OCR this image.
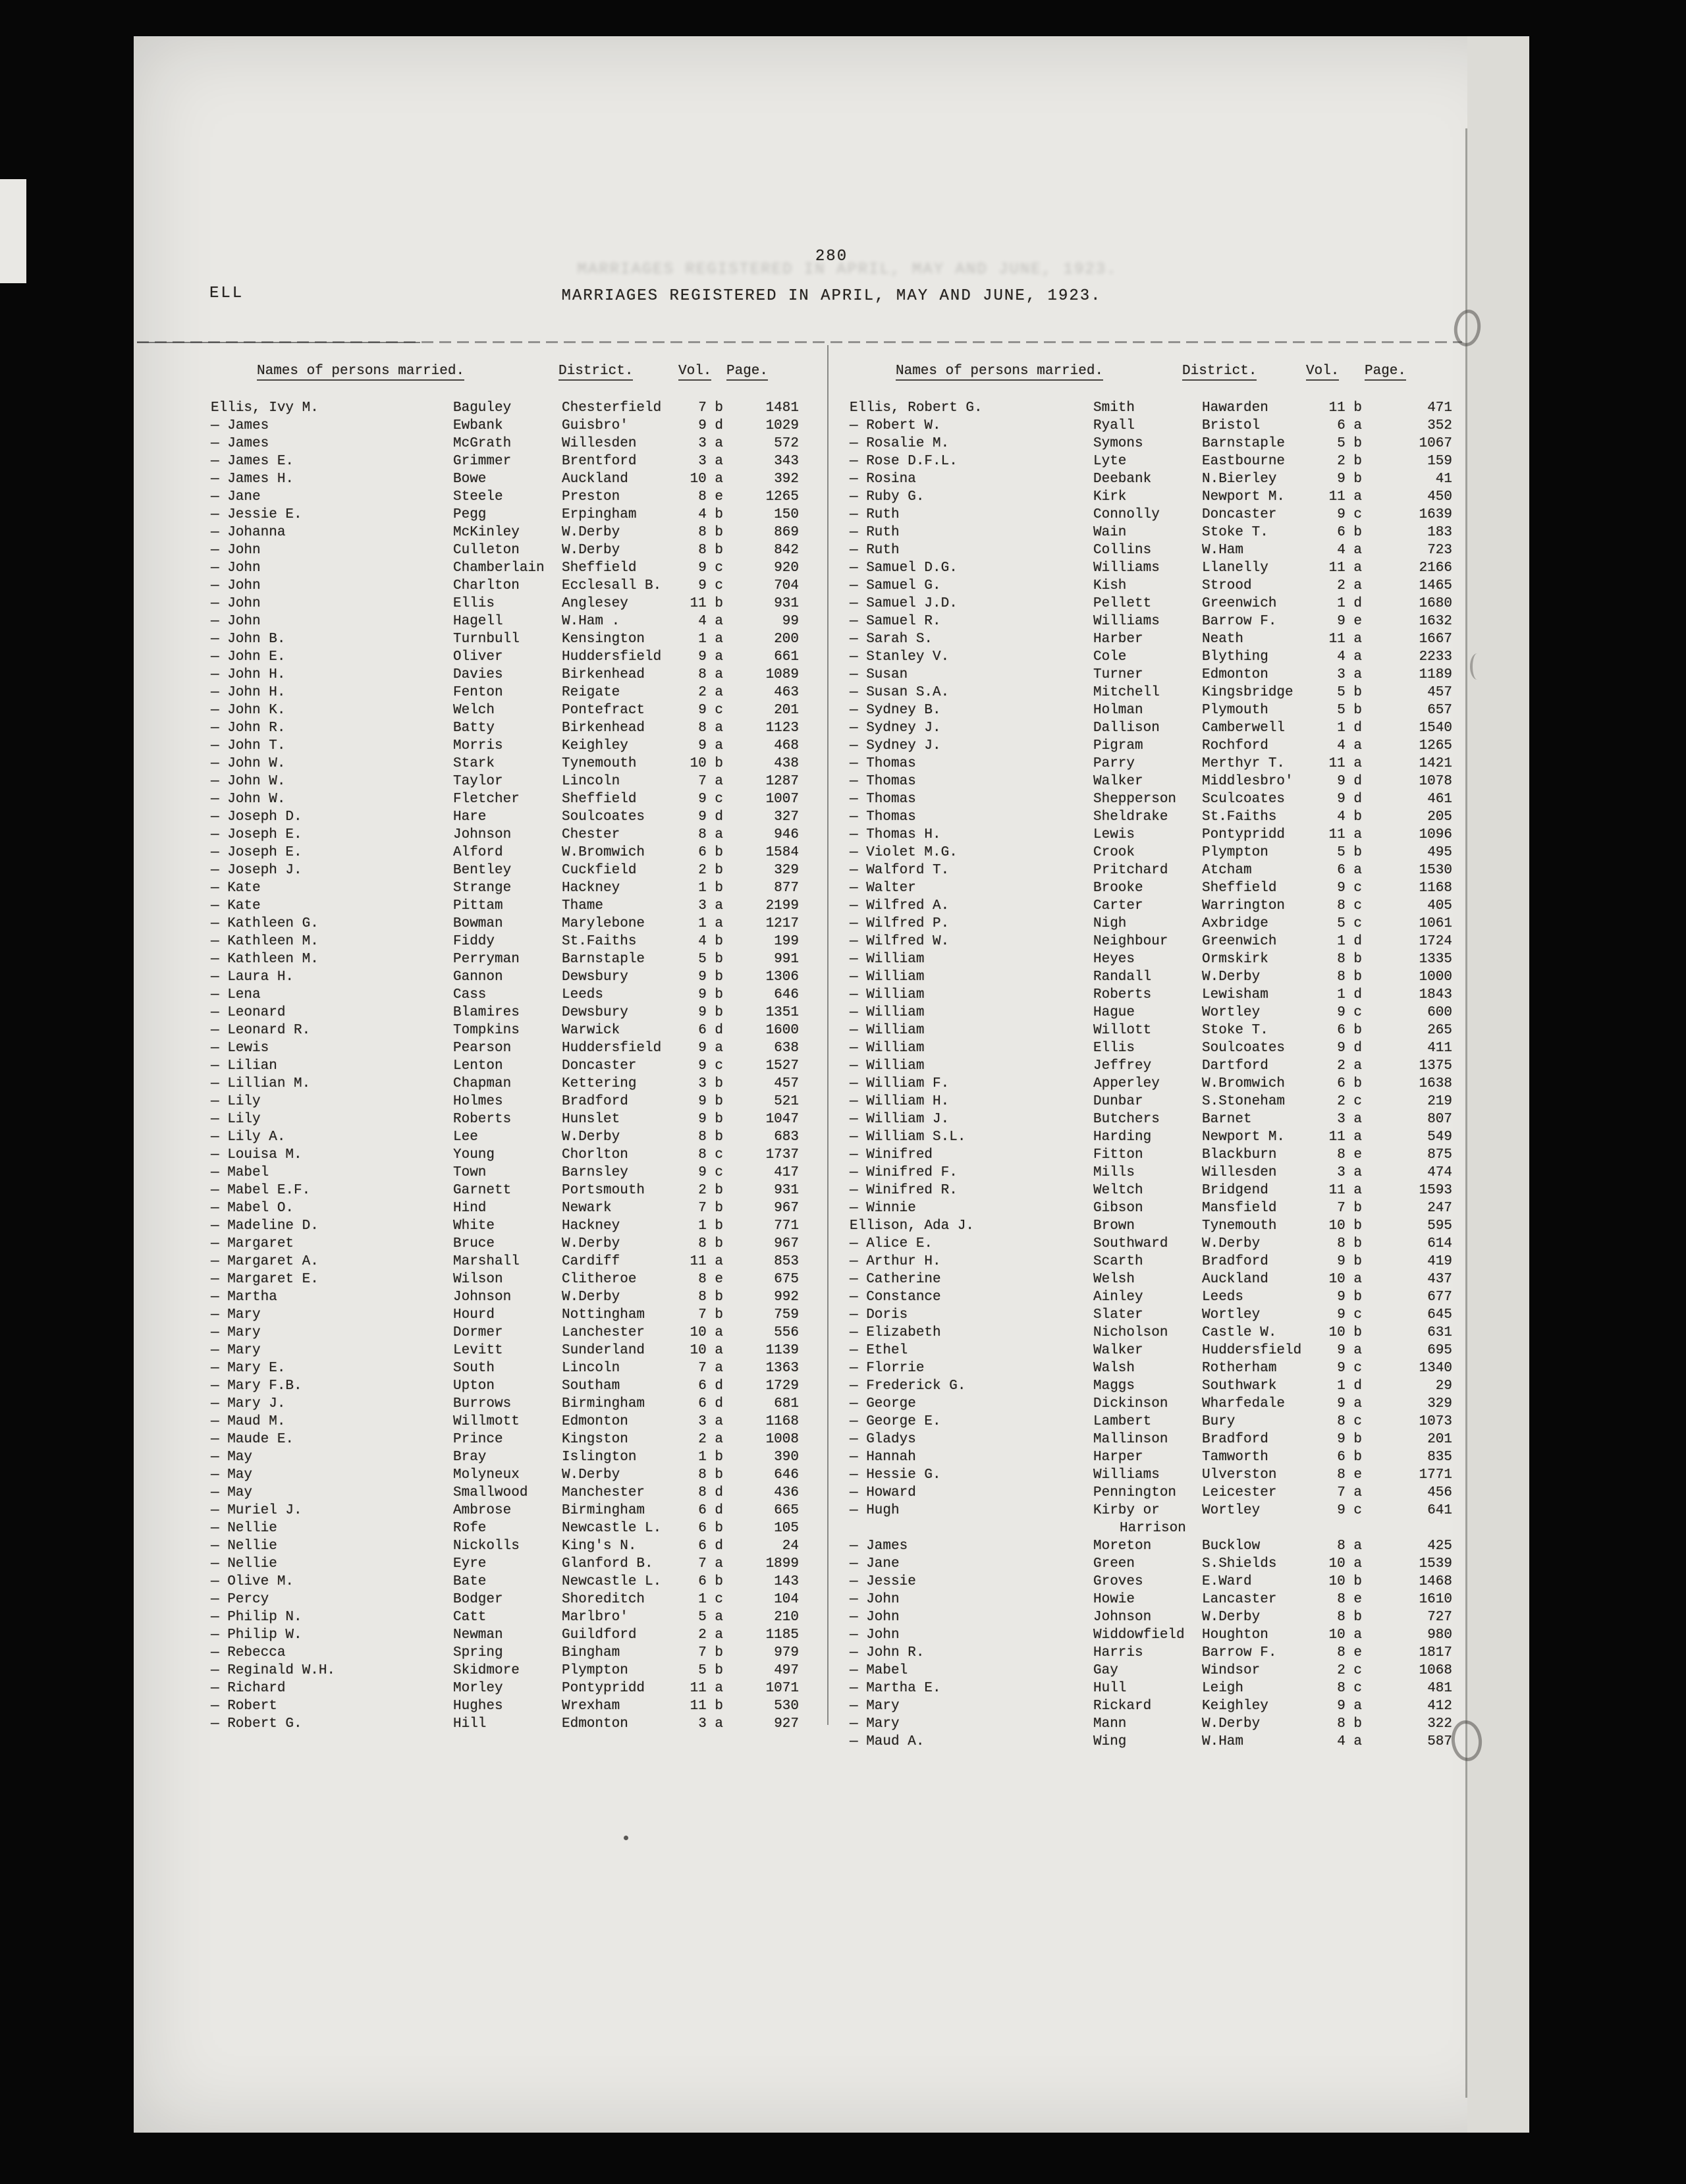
MARRIAGES REGISTERED IN APRIL, MAY AND JUNE, 1923.
280
ELL	MARRIAGES REGISTERED IN APRIL, MAY AND JUNE, 1923.
Names of persons married.	District.	Vol. Page.	Names of persons married.	District.	Vol. Page.
Ellis, Ivy M.	Baguley	Chesterfield	7 b	1481
— James	Ewbank	Guisbro'	9 d	1029
— James	McGrath	Willesden	3 a	572
— James E.	Grimmer	Brentford	3 a	343
— James H.	Bowe	Auckland	10 a	392
— Jane	Steele	Preston	8 e	1265
— Jessie E.	Pegg	Erpingham	4 b	150
— Johanna	McKinley	W.Derby	8 b	869
— John	Culleton	W.Derby	8 b	842
— John	Chamberlain	Sheffield	9 c	920
— John	Charlton	Ecclesall B.	9 c	704
— John	Ellis	Anglesey	11 b	931
— John	Hagell	W.Ham .	4 a	99
— John B.	Turnbull	Kensington	1 a	200
— John E.	Oliver	Huddersfield	9 a	661
— John H.	Davies	Birkenhead	8 a	1089
— John H.	Fenton	Reigate	2 a	463
— John K.	Welch	Pontefract	9 c	201
— John R.	Batty	Birkenhead	8 a	1123
— John T.	Morris	Keighley	9 a	468
— John W.	Stark	Tynemouth	10 b	438
— John W.	Taylor	Lincoln	7 a	1287
— John W.	Fletcher	Sheffield	9 c	1007
— Joseph D.	Hare	Soulcoates	9 d	327
— Joseph E.	Johnson	Chester	8 a	946
— Joseph E.	Alford	W.Bromwich	6 b	1584
— Joseph J.	Bentley	Cuckfield	2 b	329
— Kate	Strange	Hackney	1 b	877
— Kate	Pittam	Thame	3 a	2199
— Kathleen G.	Bowman	Marylebone	1 a	1217
— Kathleen M.	Fiddy	St.Faiths	4 b	199
— Kathleen M.	Perryman	Barnstaple	5 b	991
— Laura H.	Gannon	Dewsbury	9 b	1306
— Lena	Cass	Leeds	9 b	646
— Leonard	Blamires	Dewsbury	9 b	1351
— Leonard R.	Tompkins	Warwick	6 d	1600
— Lewis	Pearson	Huddersfield	9 a	638
— Lilian	Lenton	Doncaster	9 c	1527
— Lillian M.	Chapman	Kettering	3 b	457
— Lily	Holmes	Bradford	9 b	521
— Lily	Roberts	Hunslet	9 b	1047
— Lily A.	Lee	W.Derby	8 b	683
— Louisa M.	Young	Chorlton	8 c	1737
— Mabel	Town	Barnsley	9 c	417
— Mabel E.F.	Garnett	Portsmouth	2 b	931
— Mabel O.	Hind	Newark	7 b	967
— Madeline D.	White	Hackney	1 b	771
— Margaret	Bruce	W.Derby	8 b	967
— Margaret A.	Marshall	Cardiff	11 a	853
— Margaret E.	Wilson	Clitheroe	8 e	675
— Martha	Johnson	W.Derby	8 b	992
— Mary	Hourd	Nottingham	7 b	759
— Mary	Dormer	Lanchester	10 a	556
— Mary	Levitt	Sunderland	10 a	1139
— Mary E.	South	Lincoln	7 a	1363
— Mary F.B.	Upton	Southam	6 d	1729
— Mary J.	Burrows	Birmingham	6 d	681
— Maud M.	Willmott	Edmonton	3 a	1168
— Maude E.	Prince	Kingston	2 a	1008
— May	Bray	Islington	1 b	390
— May	Molyneux	W.Derby	8 b	646
— May	Smallwood	Manchester	8 d	436
— Muriel J.	Ambrose	Birmingham	6 d	665
— Nellie	Rofe	Newcastle L.	6 b	105
— Nellie	Nickolls	King's N.	6 d	24
— Nellie	Eyre	Glanford B.	7 a	1899
— Olive M.	Bate	Newcastle L.	6 b	143
— Percy	Bodger	Shoreditch	1 c	104
— Philip N.	Catt	Marlbro'	5 a	210
— Philip W.	Newman	Guildford	2 a	1185
— Rebecca	Spring	Bingham	7 b	979
— Reginald W.H.	Skidmore	Plympton	5 b	497
— Richard	Morley	Pontypridd	11 a	1071
— Robert	Hughes	Wrexham	11 b	530
— Robert G.	Hill	Edmonton	3 a	927
Ellis, Robert G.	Smith	Hawarden	11 b	471
— Robert W.	Ryall	Bristol	6 a	352
— Rosalie M.	Symons	Barnstaple	5 b	1067
— Rose D.F.L.	Lyte	Eastbourne	2 b	159
— Rosina	Deebank	N.Bierley	9 b	41
— Ruby G.	Kirk	Newport M.	11 a	450
— Ruth	Connolly	Doncaster	9 c	1639
— Ruth	Wain	Stoke T.	6 b	183
— Ruth	Collins	W.Ham	4 a	723
— Samuel D.G.	Williams	Llanelly	11 a	2166
— Samuel G.	Kish	Strood	2 a	1465
— Samuel J.D.	Pellett	Greenwich	1 d	1680
— Samuel R.	Williams	Barrow F.	9 e	1632
— Sarah S.	Harber	Neath	11 a	1667
— Stanley V.	Cole	Blything	4 a	2233
— Susan	Turner	Edmonton	3 a	1189
— Susan S.A.	Mitchell	Kingsbridge	5 b	457
— Sydney B.	Holman	Plymouth	5 b	657
— Sydney J.	Dallison	Camberwell	1 d	1540
— Sydney J.	Pigram	Rochford	4 a	1265
— Thomas	Parry	Merthyr T.	11 a	1421
— Thomas	Walker	Middlesbro'	9 d	1078
— Thomas	Shepperson	Sculcoates	9 d	461
— Thomas	Sheldrake	St.Faiths	4 b	205
— Thomas H.	Lewis	Pontypridd	11 a	1096
— Violet M.G.	Crook	Plympton	5 b	495
— Walford T.	Pritchard	Atcham	6 a	1530
— Walter	Brooke	Sheffield	9 c	1168
— Wilfred A.	Carter	Warrington	8 c	405
— Wilfred P.	Nigh	Axbridge	5 c	1061
— Wilfred W.	Neighbour	Greenwich	1 d	1724
— William	Heyes	Ormskirk	8 b	1335
— William	Randall	W.Derby	8 b	1000
— William	Roberts	Lewisham	1 d	1843
— William	Hague	Wortley	9 c	600
— William	Willott	Stoke T.	6 b	265
— William	Ellis	Soulcoates	9 d	411
— William	Jeffrey	Dartford	2 a	1375
— William F.	Apperley	W.Bromwich	6 b	1638
— William H.	Dunbar	S.Stoneham	2 c	219
— William J.	Butchers	Barnet	3 a	807
— William S.L.	Harding	Newport M.	11 a	549
— Winifred	Fitton	Blackburn	8 e	875
— Winifred F.	Mills	Willesden	3 a	474
— Winifred R.	Weltch	Bridgend	11 a	1593
— Winnie	Gibson	Mansfield	7 b	247
Ellison, Ada J.	Brown	Tynemouth	10 b	595
— Alice E.	Southward	W.Derby	8 b	614
— Arthur H.	Scarth	Bradford	9 b	419
— Catherine	Welsh	Auckland	10 a	437
— Constance	Ainley	Leeds	9 b	677
— Doris	Slater	Wortley	9 c	645
— Elizabeth	Nicholson	Castle W.	10 b	631
— Ethel	Walker	Huddersfield	9 a	695
— Florrie	Walsh	Rotherham	9 c	1340
— Frederick G.	Maggs	Southwark	1 d	29
— George	Dickinson	Wharfedale	9 a	329
— George E.	Lambert	Bury	8 c	1073
— Gladys	Mallinson	Bradford	9 b	201
— Hannah	Harper	Tamworth	6 b	835
— Hessie G.	Williams	Ulverston	8 e	1771
— Howard	Pennington	Leicester	7 a	456
— Hugh	Kirby or	Wortley	9 c	641
Harrison
— James	Moreton	Bucklow	8 a	425
— Jane	Green	S.Shields	10 a	1539
— Jessie	Groves	E.Ward	10 b	1468
— John	Howie	Lancaster	8 e	1610
— John	Johnson	W.Derby	8 b	727
— John	Widdowfield	Houghton	10 a	980
— John R.	Harris	Barrow F.	8 e	1817
— Mabel	Gay	Windsor	2 c	1068
— Martha E.	Hull	Leigh	8 c	481
— Mary	Rickard	Keighley	9 a	412
— Mary	Mann	W.Derby	8 b	322
— Maud A.	Wing	W.Ham	4 a	587
